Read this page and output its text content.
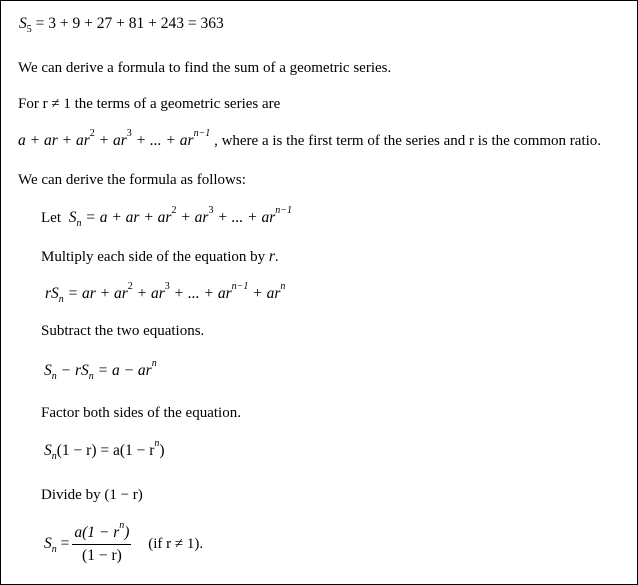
$S_5 = 3 + 9 + 27 + 81 + 243 = 363$
We can derive a formula to find the sum of a geometric series.
For r ≠ 1 the terms of a geometric series are
a + ar + $ar^2 + ar^3$ + ... + $ar^{n-1}$ , where a is the first term of the series and r is the common ratio.
We can derive the formula as follows:
Let $S_n = a$ + ar + $ar^2 + ar^3$ + ... + $ar^{n-1}$
Multiply each side of the equation by r.
$rS_n$ = ar + $ar^2 + ar^3$ + ... + $ar^{n-1} + ar^n$
Subtract the two equations.
$S_n - rS_n = a - ar^n$
Factor both sides of the equation.
$S_n(1 - r) = a(1 - r^n)$
Divide by (1 − r)
$S_n = \frac{a(1 - r^n)}{(1 - r)} (if$ r ≠ 1).
